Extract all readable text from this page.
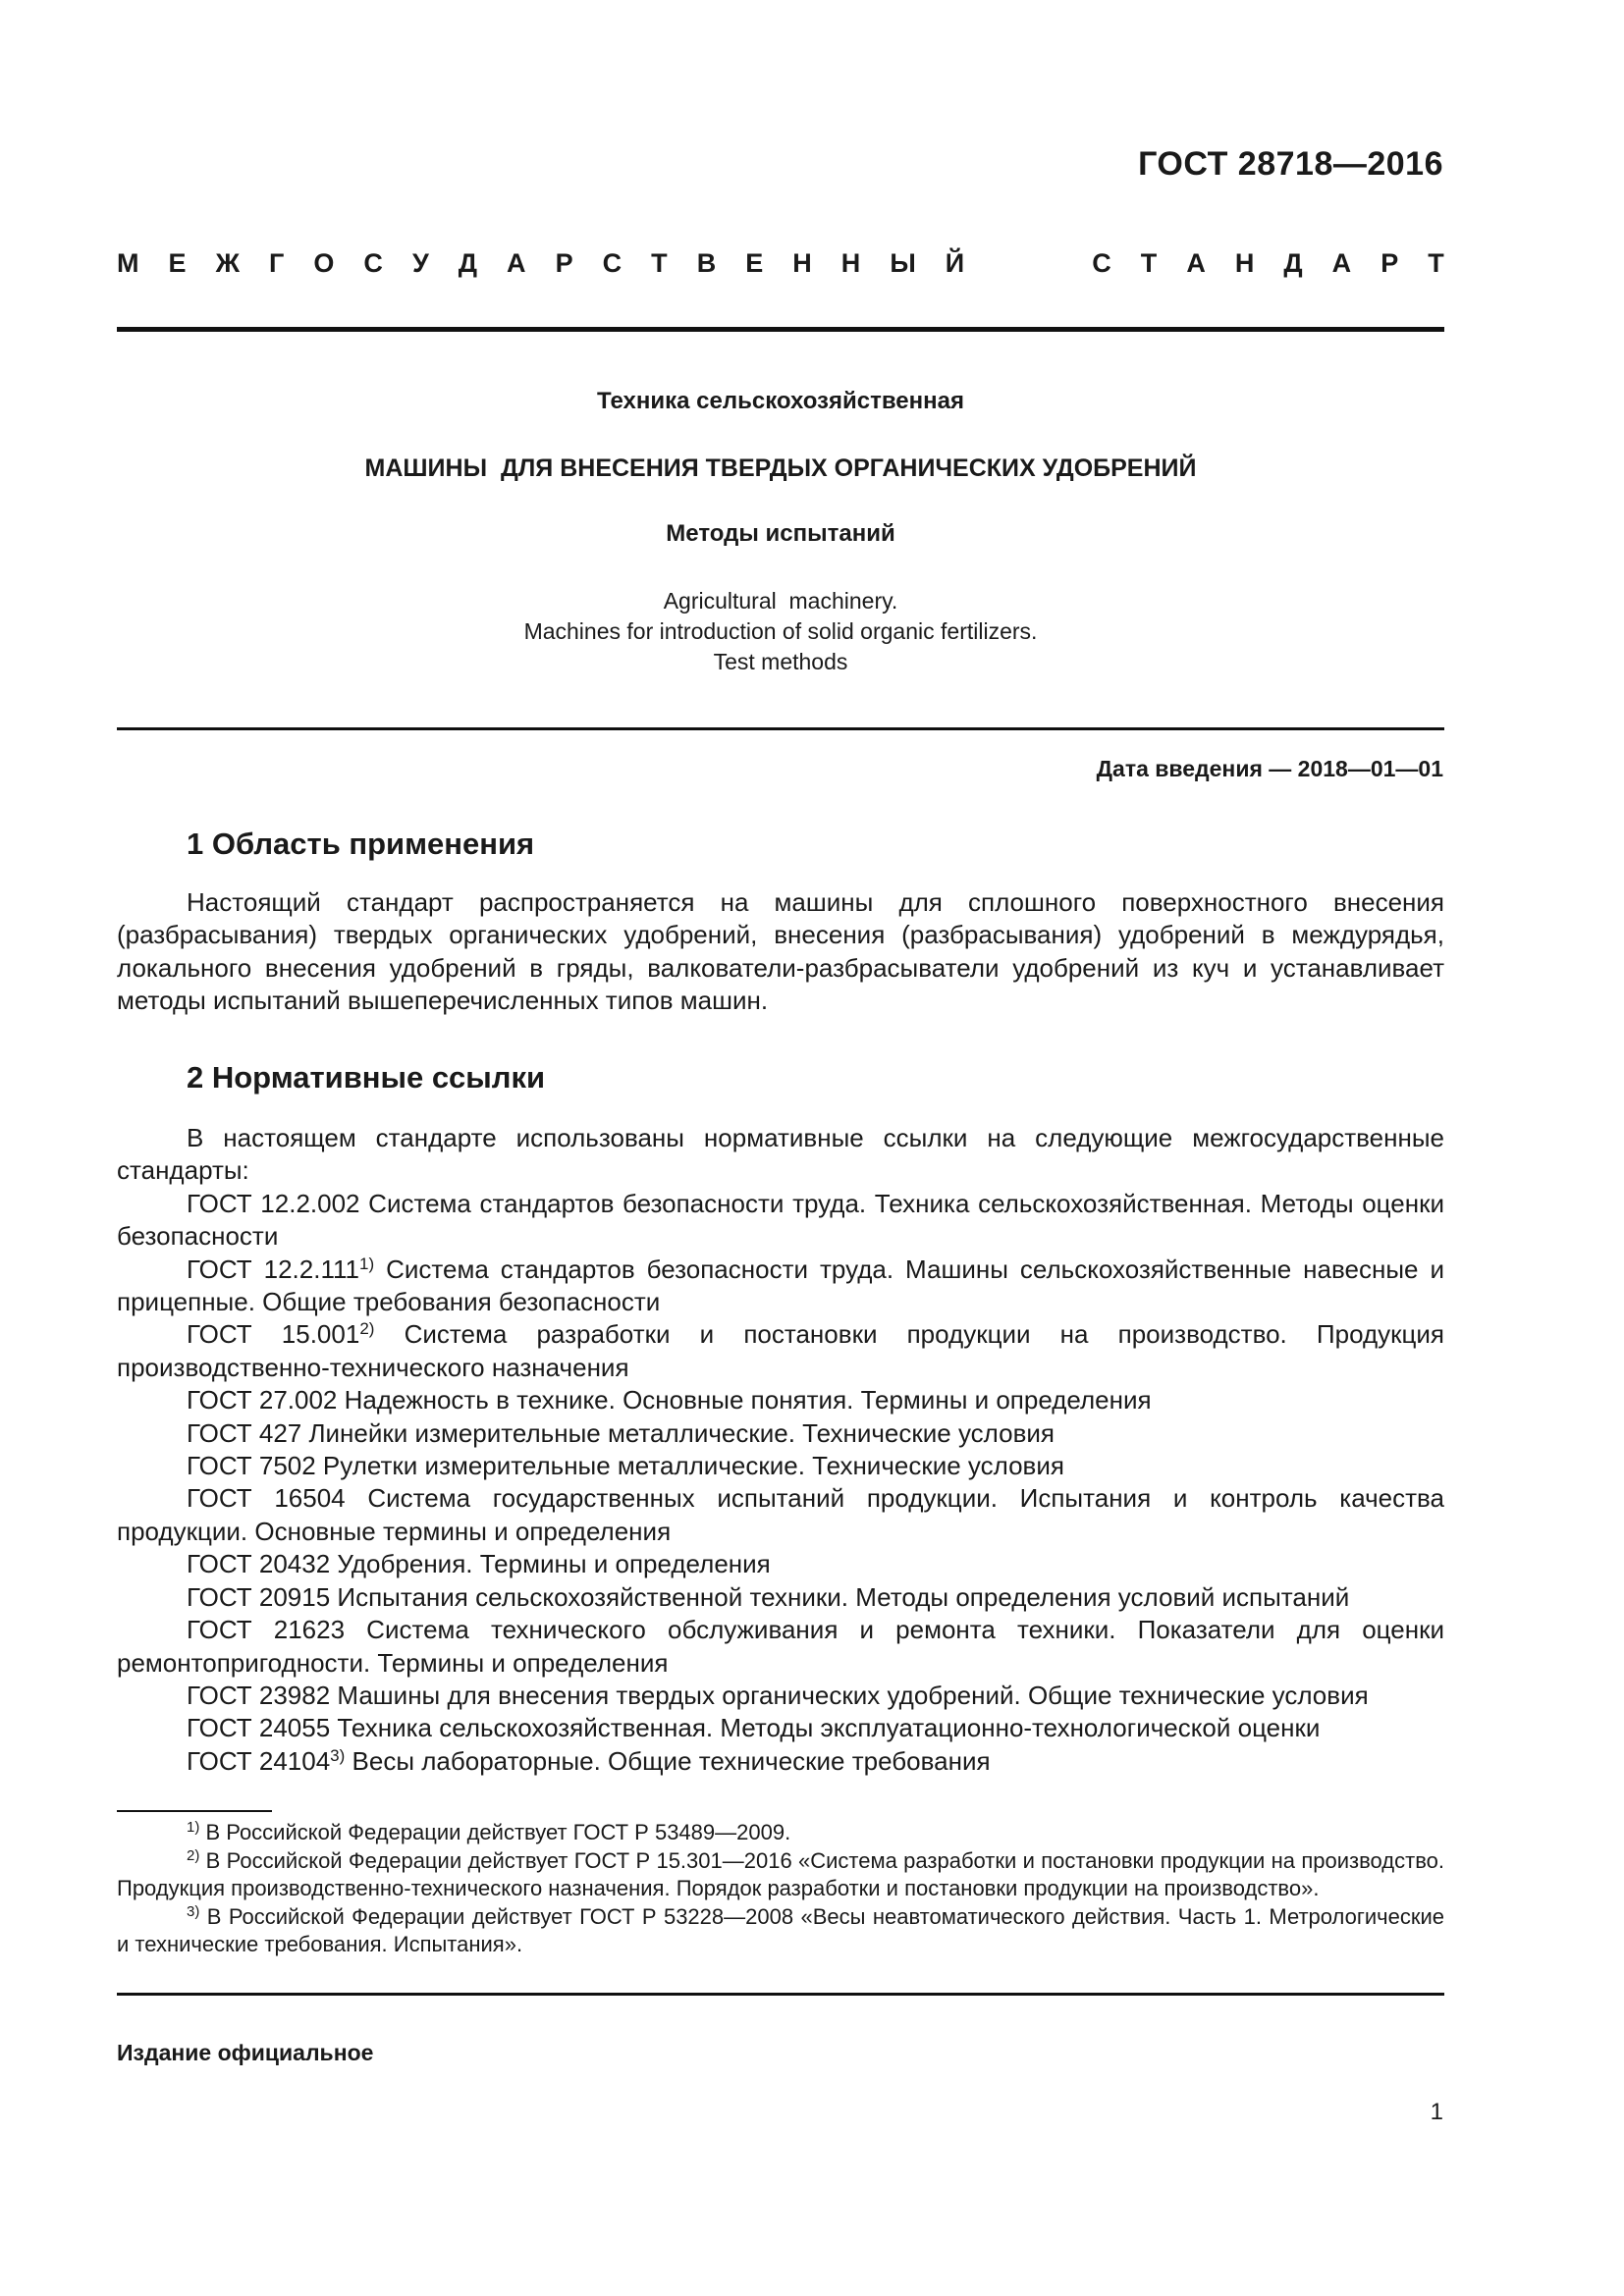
ГОСТ 28718—2016
М Е Ж Г О С У Д А Р С Т В Е Н Н Ы Й	С Т А Н Д А Р Т
Техника сельскохозяйственная
МАШИНЫ  ДЛЯ ВНЕСЕНИЯ ТВЕРДЫХ ОРГАНИЧЕСКИХ УДОБРЕНИЙ
Методы испытаний
Agricultural  machinery.
Machines for introduction of solid organic fertilizers.
Test methods
Дата введения — 2018—01—01
1 Область применения

Настоящий стандарт распространяется на машины для сплошного поверхностного внесения (разбрасывания) твердых органических удобрений, внесения (разбрасывания) удобрений в междурядья, локального внесения удобрений в гряды, валкователи-разбрасыватели удобрений из куч и устанавливает методы испытаний вышеперечисленных типов машин.

2 Нормативные ссылки

В настоящем стандарте использованы нормативные ссылки на следующие межгосударственные стандарты:

ГОСТ 12.2.002 Система стандартов безопасности труда. Техника сельскохозяйственная. Методы оценки безопасности

ГОСТ 12.2.111$^{1)}$ Система стандартов безопасности труда. Машины сельскохозяйственные навесные и прицепные. Общие требования безопасности

ГОСТ 15.001$^{2)}$ Система разработки и постановки продукции на производство. Продукция производственно-технического назначения

ГОСТ 27.002 Надежность в технике. Основные понятия. Термины и определения

ГОСТ 427 Линейки измерительные металлические. Технические условия

ГОСТ 7502 Рулетки измерительные металлические. Технические условия

ГОСТ 16504 Система государственных испытаний продукции. Испытания и контроль качества продукции. Основные термины и определения

ГОСТ 20432 Удобрения. Термины и определения

ГОСТ 20915 Испытания сельскохозяйственной техники. Методы определения условий испытаний

ГОСТ 21623 Система технического обслуживания и ремонта техники. Показатели для оценки ремонтопригодности. Термины и определения

ГОСТ 23982 Машины для внесения твердых органических удобрений. Общие технические условия

ГОСТ 24055 Техника сельскохозяйственная. Методы эксплуатационно-технологической оценки

ГОСТ 24104$^{3)}$ Весы лабораторные. Общие технические требования

$^{1)}$ В Российской Федерации действует ГОСТ Р 53489—2009.

$^{2)}$ В Российской Федерации действует ГОСТ Р 15.301—2016 «Система разработки и постановки продукции на производство. Продукция производственно-технического назначения. Порядок разработки и постановки продукции на производство».

$^{3)}$ В Российской Федерации действует ГОСТ Р 53228—2008 «Весы неавтоматического действия. Часть 1. Метрологические и технические требования. Испытания».

Издание официальное
1
